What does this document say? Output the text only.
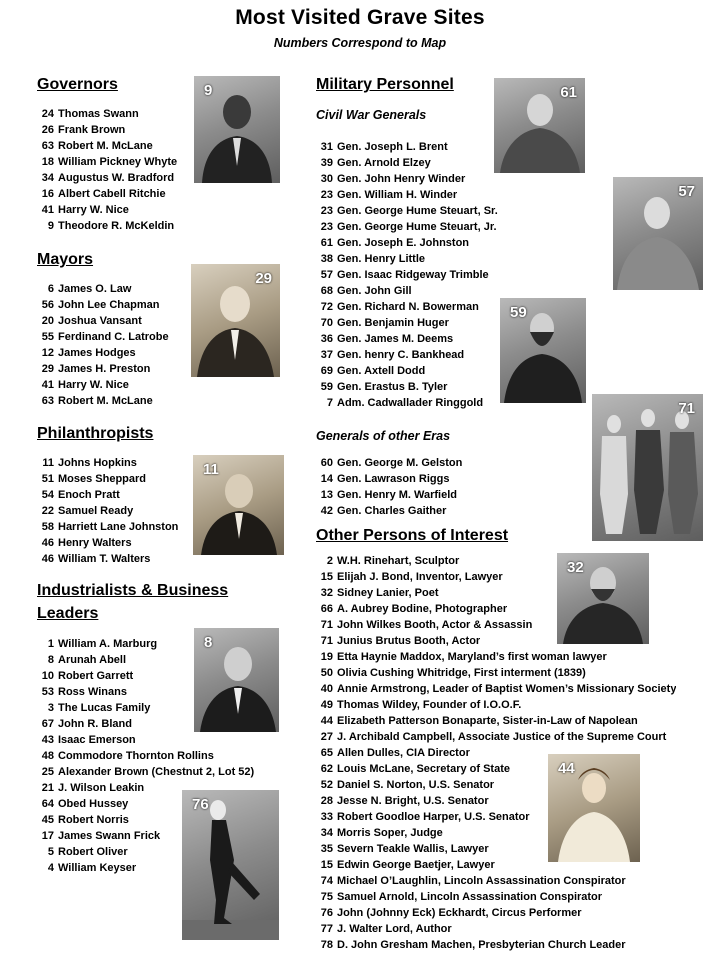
Most Visited Grave Sites
Numbers Correspond to Map
Governors
24 Thomas Swann
26 Frank Brown
63 Robert M. McLane
18 William Pickney Whyte
34 Augustus W. Bradford
16 Albert Cabell Ritchie
41 Harry W. Nice
9 Theodore R. McKeldin
9
Mayors
6 James O. Law
56 John Lee Chapman
20 Joshua Vansant
55 Ferdinand C. Latrobe
12 James Hodges
29 James H. Preston
41 Harry W. Nice
63 Robert M. McLane
29
Philanthropists
11 Johns Hopkins
51 Moses Sheppard
54 Enoch Pratt
22 Samuel Ready
58 Harriett Lane Johnston
46 Henry Walters
46 William T. Walters
11
Industrialists & Business
Leaders
1 William A. Marburg
8 Arunah Abell
10 Robert Garrett
53 Ross Winans
3 The Lucas Family
67 John R. Bland
43 Isaac Emerson
48 Commodore Thornton Rollins
25 Alexander Brown (Chestnut 2, Lot 52)
21 J. Wilson Leakin
64 Obed Hussey
45 Robert Norris
17 James Swann Frick
5 Robert Oliver
4 William Keyser
8
76
Military Personnel
Civil War Generals
31 Gen. Joseph L. Brent
39 Gen. Arnold Elzey
30 Gen. John Henry Winder
23 Gen. William H. Winder
23 Gen. George Hume Steuart, Sr.
23 Gen. George Hume Steuart, Jr.
61 Gen. Joseph E. Johnston
38 Gen. Henry Little
57 Gen. Isaac Ridgeway Trimble
68 Gen. John Gill
72 Gen. Richard N. Bowerman
70 Gen. Benjamin Huger
36 Gen. James M. Deems
37 Gen. henry C. Bankhead
69 Gen. Axtell Dodd
59 Gen. Erastus B. Tyler
7 Adm. Cadwallader Ringgold
Generals of other Eras
60 Gen. George M. Gelston
14 Gen. Lawrason Riggs
13 Gen. Henry M. Warfield
42 Gen. Charles Gaither
61
57
59
71
Other Persons of Interest
2 W.H. Rinehart, Sculptor
15 Elijah J. Bond, Inventor, Lawyer
32 Sidney Lanier, Poet
66 A. Aubrey Bodine, Photographer
71 John Wilkes Booth, Actor & Assassin
71 Junius Brutus Booth, Actor
19 Etta Haynie Maddox, Maryland’s first woman lawyer
50 Olivia Cushing Whitridge, First interment (1839)
40 Annie Armstrong, Leader of Baptist Women’s Missionary Society
49 Thomas Wildey, Founder of I.O.O.F.
44 Elizabeth Patterson Bonaparte, Sister-in-Law of Napolean
27 J. Archibald Campbell, Associate Justice of the Supreme Court
65 Allen Dulles, CIA Director
62 Louis McLane, Secretary of State
52 Daniel S. Norton, U.S. Senator
28 Jesse N. Bright, U.S. Senator
33 Robert Goodloe Harper, U.S. Senator
34 Morris Soper, Judge
35 Severn Teakle Wallis, Lawyer
15 Edwin George Baetjer, Lawyer
74 Michael O’Laughlin, Lincoln Assassination Conspirator
75 Samuel Arnold, Lincoln Assassination Conspirator
76 John (Johnny Eck) Eckhardt, Circus Performer
77 J. Walter Lord, Author
78 D. John Gresham Machen, Presbyterian Church Leader
32
44
